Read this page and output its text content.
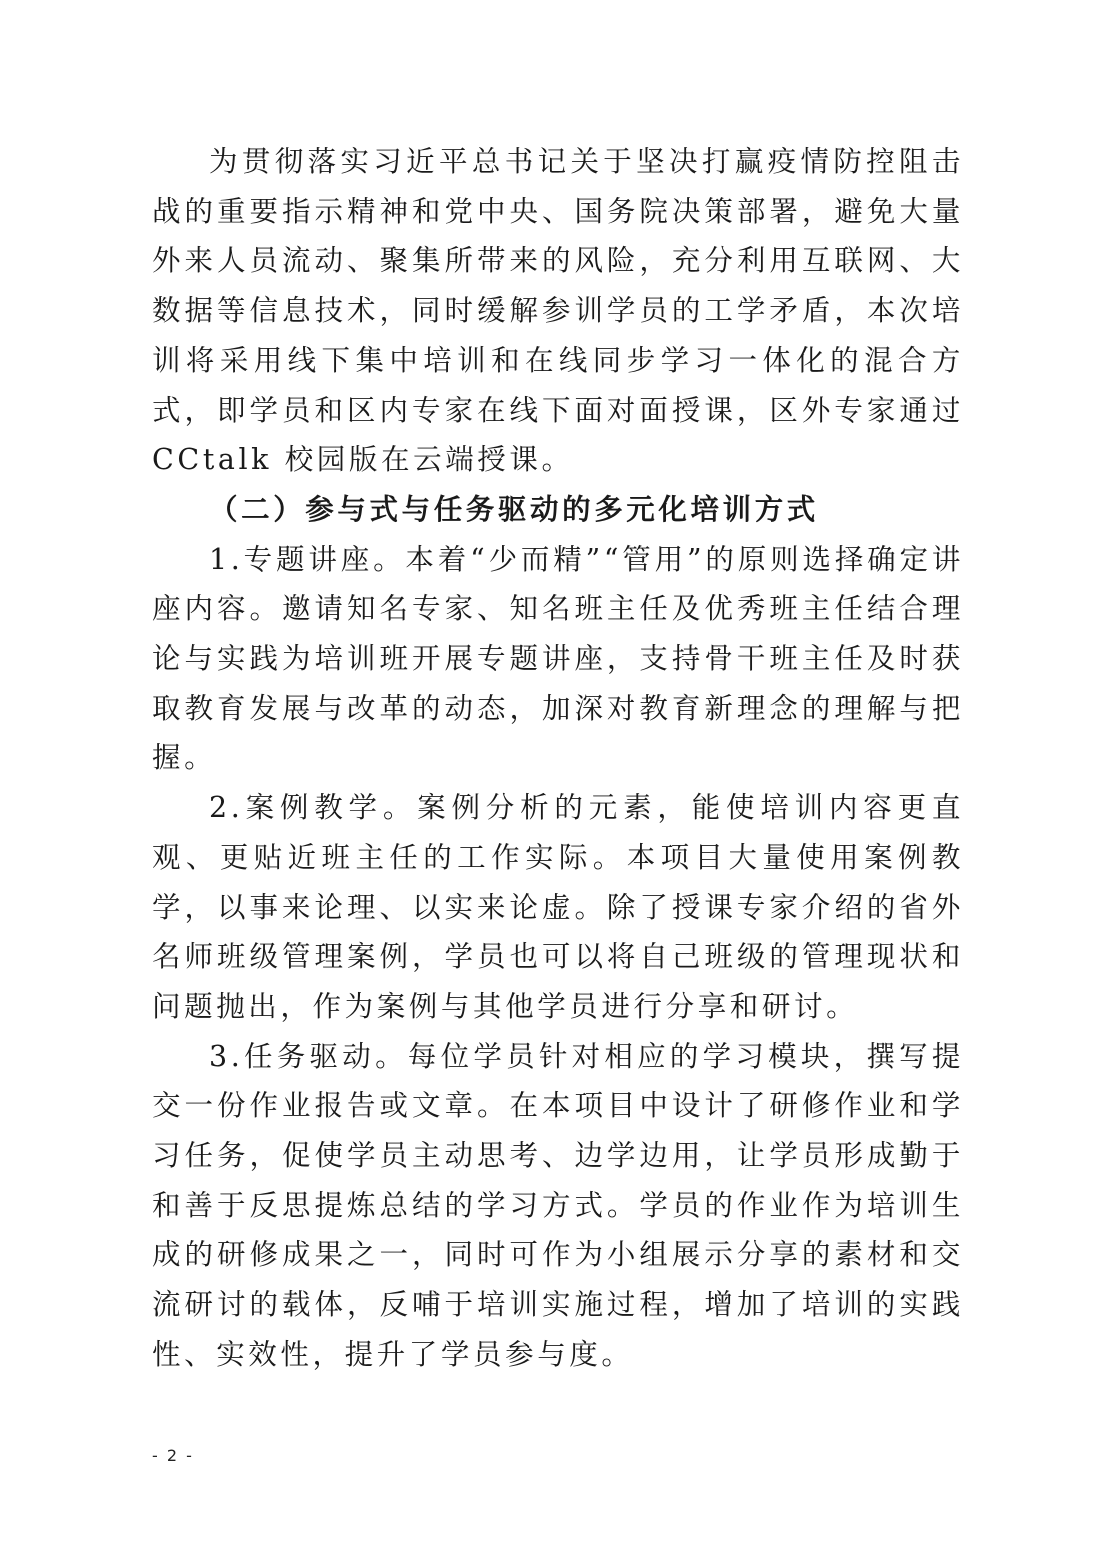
为贯彻落实习近平总书记关于坚决打赢疫情防控阻击战的重要指示精神和党中央、国务院决策部署，避免大量外来人员流动、聚集所带来的风险，充分利用互联网、大数据等信息技术，同时缓解参训学员的工学矛盾，本次培训将采用线下集中培训和在线同步学习一体化的混合方式，即学员和区内专家在线下面对面授课，区外专家通过 CCtalk 校园版在云端授课。

（二）参与式与任务驱动的多元化培训方式

1.专题讲座。本着“少而精”“管用”的原则选择确定讲座内容。邀请知名专家、知名班主任及优秀班主任结合理论与实践为培训班开展专题讲座，支持骨干班主任及时获取教育发展与改革的动态，加深对教育新理念的理解与把握。

2.案例教学。案例分析的元素，能使培训内容更直观、更贴近班主任的工作实际。本项目大量使用案例教学，以事来论理、以实来论虚。除了授课专家介绍的省外名师班级管理案例，学员也可以将自己班级的管理现状和问题抛出，作为案例与其他学员进行分享和研讨。

3.任务驱动。每位学员针对相应的学习模块，撰写提交一份作业报告或文章。在本项目中设计了研修作业和学习任务，促使学员主动思考、边学边用，让学员形成勤于和善于反思提炼总结的学习方式。学员的作业作为培训生成的研修成果之一，同时可作为小组展示分享的素材和交流研讨的载体，反哺于培训实施过程，增加了培训的实践性、实效性，提升了学员参与度。

- 2 -
